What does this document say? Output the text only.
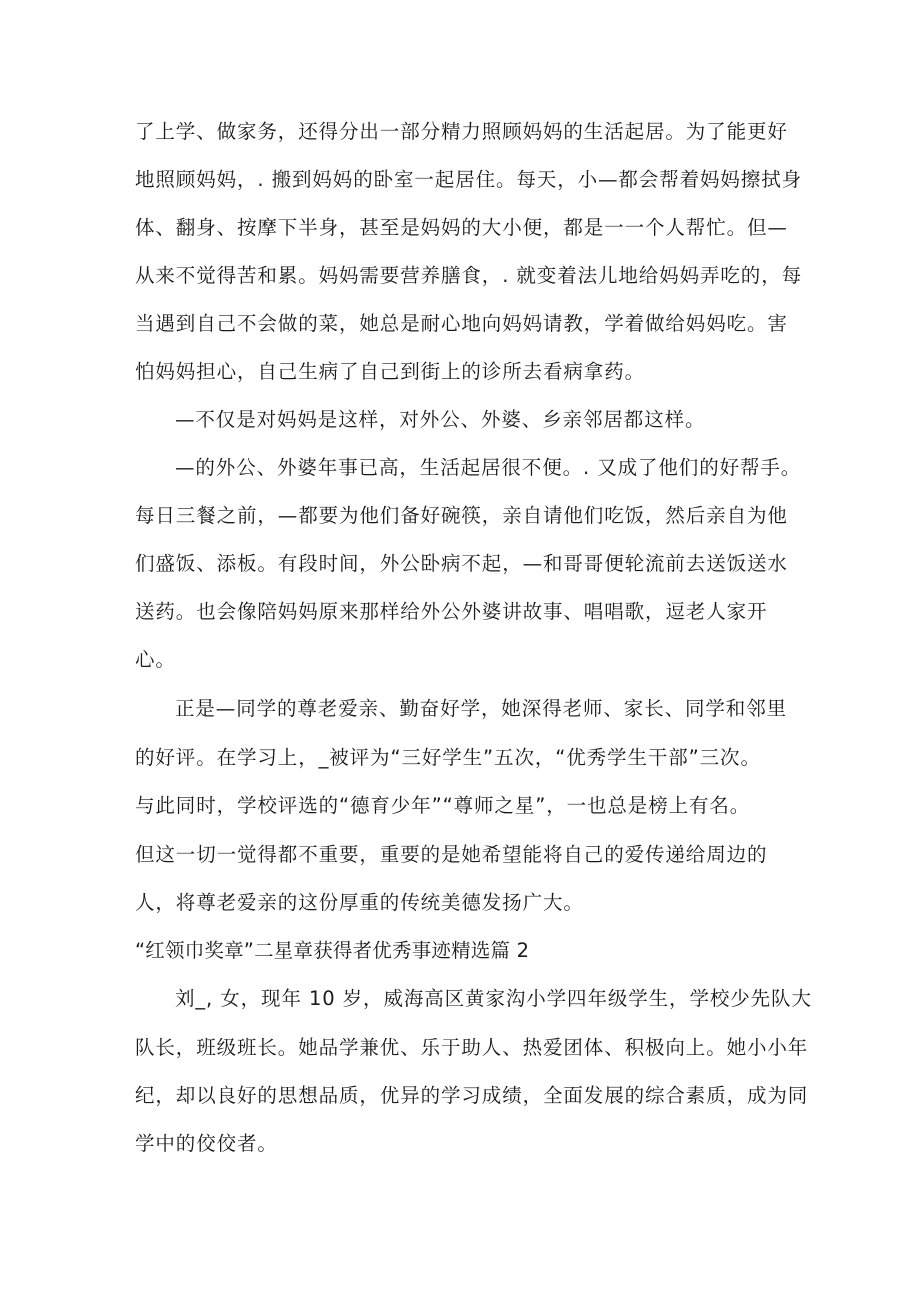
了上学、做家务，还得分出一部分精力照顾妈妈的生活起居。为了能更好

地照顾妈妈，. 搬到妈妈的卧室一起居住。每天，小—都会帮着妈妈擦拭身

体、翻身、按摩下半身，甚至是妈妈的大小便，都是一一个人帮忙。但—

从来不觉得苦和累。妈妈需要营养膳食，. 就变着法儿地给妈妈弄吃的，每

当遇到自己不会做的菜，她总是耐心地向妈妈请教，学着做给妈妈吃。害

怕妈妈担心，自己生病了自己到街上的诊所去看病拿药。

—不仅是对妈妈是这样，对外公、外婆、乡亲邻居都这样。

—的外公、外婆年事已高，生活起居很不便。. 又成了他们的好帮手。

每日三餐之前，—都要为他们备好碗筷，亲自请他们吃饭，然后亲自为他

们盛饭、添板。有段时间，外公卧病不起，—和哥哥便轮流前去送饭送水

送药。也会像陪妈妈原来那样给外公外婆讲故事、唱唱歌，逗老人家开

心。

正是—同学的尊老爱亲、勤奋好学，她深得老师、家长、同学和邻里

的好评。在学习上，_被评为“三好学生”五次，“优秀学生干部”三次。

与此同时，学校评选的“德育少年”“尊师之星”，一也总是榜上有名。

但这一切一觉得都不重要，重要的是她希望能将自己的爱传递给周边的

人，将尊老爱亲的这份厚重的传统美德发扬广大。

“红领巾奖章”二星章获得者优秀事迹精选篇 2

刘_, 女，现年 10 岁，威海高区黄家沟小学四年级学生，学校少先队大

队长，班级班长。她品学兼优、乐于助人、热爱团体、积极向上。她小小年

纪，却以良好的思想品质，优异的学习成绩，全面发展的综合素质，成为同

学中的佼佼者。
